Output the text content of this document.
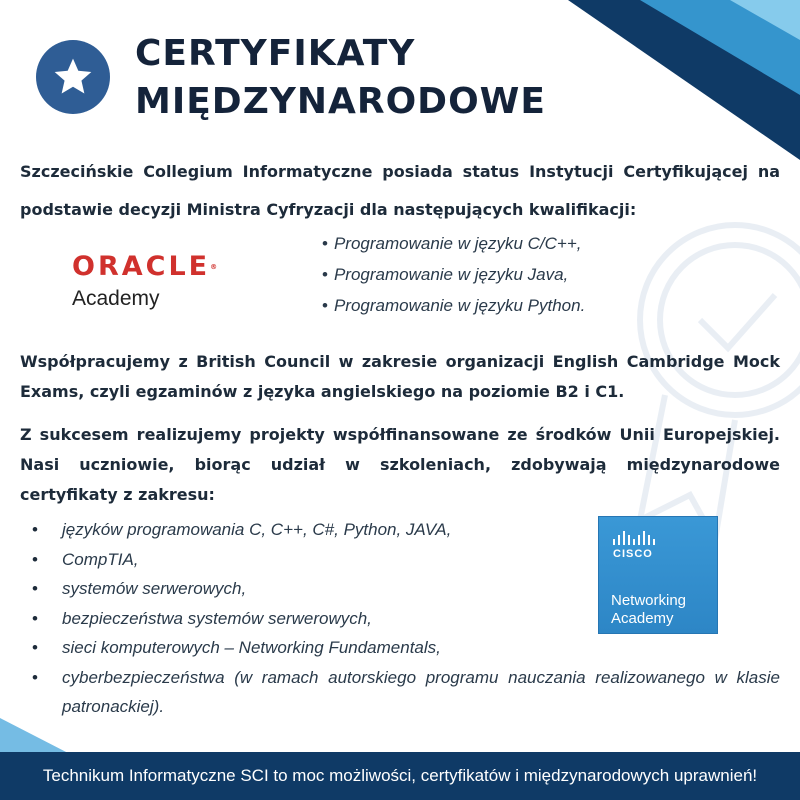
CERTYFIKATY
MIĘDZYNARODOWE

Szczecińskie Collegium Informatyczne posiada status Instytucji Certyfikującej na podstawie decyzji Ministra Cyfryzacji dla następujących kwalifikacji:

ORACLE®
Academy
• Programowanie w języku C/C++,
• Programowanie w języku Java,
• Programowanie w języku Python.

Współpracujemy z British Council w zakresie organizacji English Cambridge Mock Exams, czyli egzaminów z języka angielskiego na poziomie B2 i C1.

Z sukcesem realizujemy projekty współfinansowane ze środków Unii Europejskiej. Nasi uczniowie, biorąc udział w szkoleniach, zdobywają międzynarodowe certyfikaty z zakresu:

• języków programowania C, C++, C#, Python, JAVA,
• CompTIA,
• systemów serwerowych,
• bezpieczeństwa systemów serwerowych,
• sieci komputerowych – Networking Fundamentals,
• cyberbezpieczeństwa (w ramach autorskiego programu nauczania realizowanego w klasie patronackiej).
CISCO
Networking
Academy
Technikum Informatyczne SCI to moc możliwości, certyfikatów i międzynarodowych uprawnień!
